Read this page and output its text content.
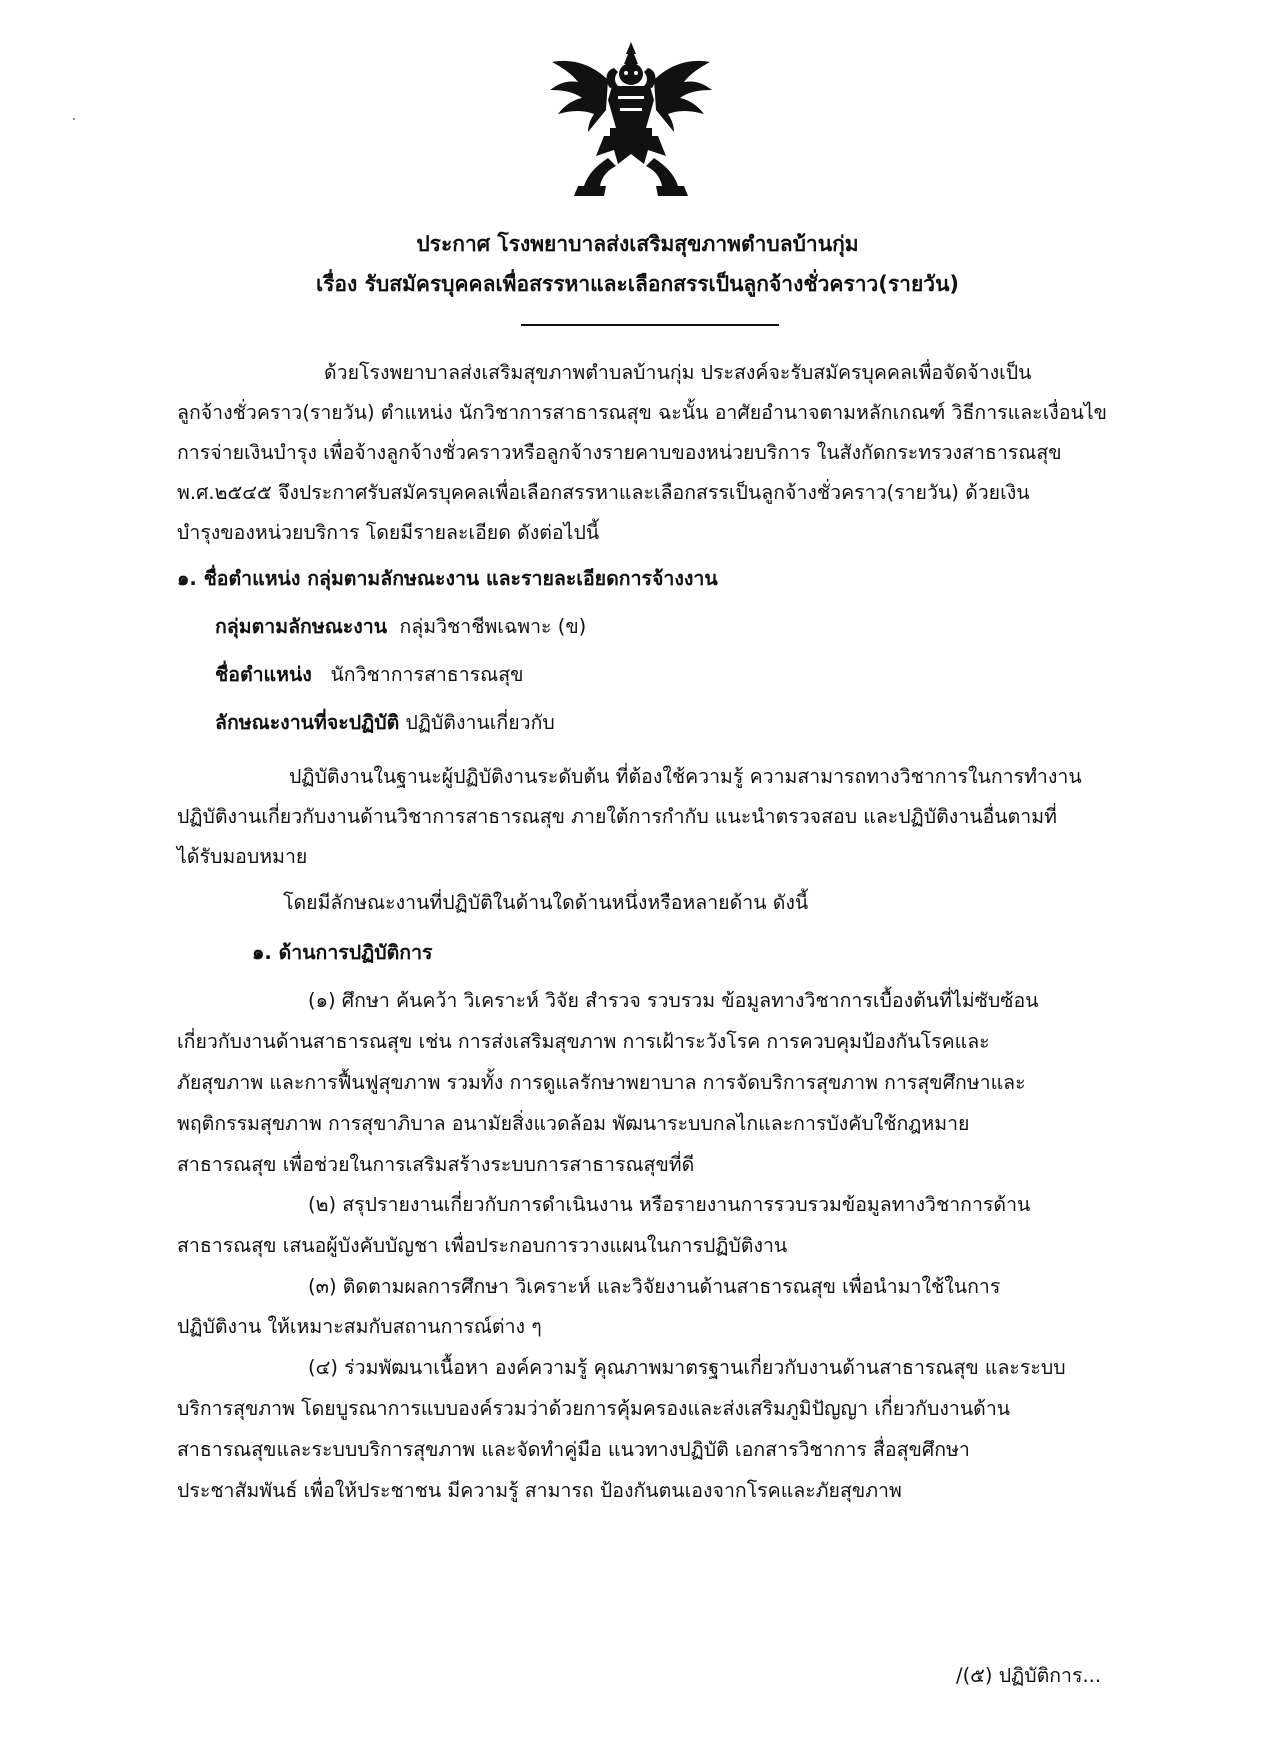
ประกาศ โรงพยาบาลส่งเสริมสุขภาพตำบลบ้านกุ่ม
เรื่อง รับสมัครบุคคลเพื่อสรรหาและเลือกสรรเป็นลูกจ้างชั่วคราว(รายวัน)
ด้วยโรงพยาบาลส่งเสริมสุขภาพตำบลบ้านกุ่ม ประสงค์จะรับสมัครบุคคลเพื่อจัดจ้างเป็น
ลูกจ้างชั่วคราว(รายวัน) ตำแหน่ง นักวิชาการสาธารณสุข ฉะนั้น อาศัยอำนาจตามหลักเกณฑ์ วิธีการและเงื่อนไข
การจ่ายเงินบำรุง เพื่อจ้างลูกจ้างชั่วคราวหรือลูกจ้างรายคาบของหน่วยบริการ ในสังกัดกระทรวงสาธารณสุข
พ.ศ.๒๕๔๕ จึงประกาศรับสมัครบุคคลเพื่อเลือกสรรหาและเลือกสรรเป็นลูกจ้างชั่วคราว(รายวัน) ด้วยเงิน
บำรุงของหน่วยบริการ โดยมีรายละเอียด ดังต่อไปนี้
๑. ชื่อตำแหน่ง กลุ่มตามลักษณะงาน และรายละเอียดการจ้างงาน
กลุ่มตามลักษณะงาน กลุ่มวิชาชีพเฉพาะ (ข)
ชื่อตำแหน่ง นักวิชาการสาธารณสุข
ลักษณะงานที่จะปฏิบัติ ปฏิบัติงานเกี่ยวกับ
ปฏิบัติงานในฐานะผู้ปฏิบัติงานระดับต้น ที่ต้องใช้ความรู้ ความสามารถทางวิชาการในการทำงาน
ปฏิบัติงานเกี่ยวกับงานด้านวิชาการสาธารณสุข ภายใต้การกำกับ แนะนำตรวจสอบ และปฏิบัติงานอื่นตามที่
ได้รับมอบหมาย
โดยมีลักษณะงานที่ปฏิบัติในด้านใดด้านหนึ่งหรือหลายด้าน ดังนี้
๑. ด้านการปฏิบัติการ
(๑) ศึกษา ค้นคว้า วิเคราะห์ วิจัย สำรวจ รวบรวม ข้อมูลทางวิชาการเบื้องต้นที่ไม่ซับซ้อน
เกี่ยวกับงานด้านสาธารณสุข เช่น การส่งเสริมสุขภาพ การเฝ้าระวังโรค การควบคุมป้องกันโรคและ
ภัยสุขภาพ และการฟื้นฟูสุขภาพ รวมทั้ง การดูแลรักษาพยาบาล การจัดบริการสุขภาพ การสุขศึกษาและ
พฤติกรรมสุขภาพ การสุขาภิบาล อนามัยสิ่งแวดล้อม พัฒนาระบบกลไกและการบังคับใช้กฎหมาย
สาธารณสุข เพื่อช่วยในการเสริมสร้างระบบการสาธารณสุขที่ดี
(๒) สรุปรายงานเกี่ยวกับการดำเนินงาน หรือรายงานการรวบรวมข้อมูลทางวิชาการด้าน
สาธารณสุข เสนอผู้บังคับบัญชา เพื่อประกอบการวางแผนในการปฏิบัติงาน
(๓) ติดตามผลการศึกษา วิเคราะห์ และวิจัยงานด้านสาธารณสุข เพื่อนำมาใช้ในการ
ปฏิบัติงาน ให้เหมาะสมกับสถานการณ์ต่าง ๆ
(๔) ร่วมพัฒนาเนื้อหา องค์ความรู้ คุณภาพมาตรฐานเกี่ยวกับงานด้านสาธารณสุข และระบบ
บริการสุขภาพ โดยบูรณาการแบบองค์รวมว่าด้วยการคุ้มครองและส่งเสริมภูมิปัญญา เกี่ยวกับงานด้าน
สาธารณสุขและระบบบริการสุขภาพ และจัดทำคู่มือ แนวทางปฏิบัติ เอกสารวิชาการ สื่อสุขศึกษา
ประชาสัมพันธ์ เพื่อให้ประชาชน มีความรู้ สามารถ ป้องกันตนเองจากโรคและภัยสุขภาพ
/(๕) ปฏิบัติการ...
